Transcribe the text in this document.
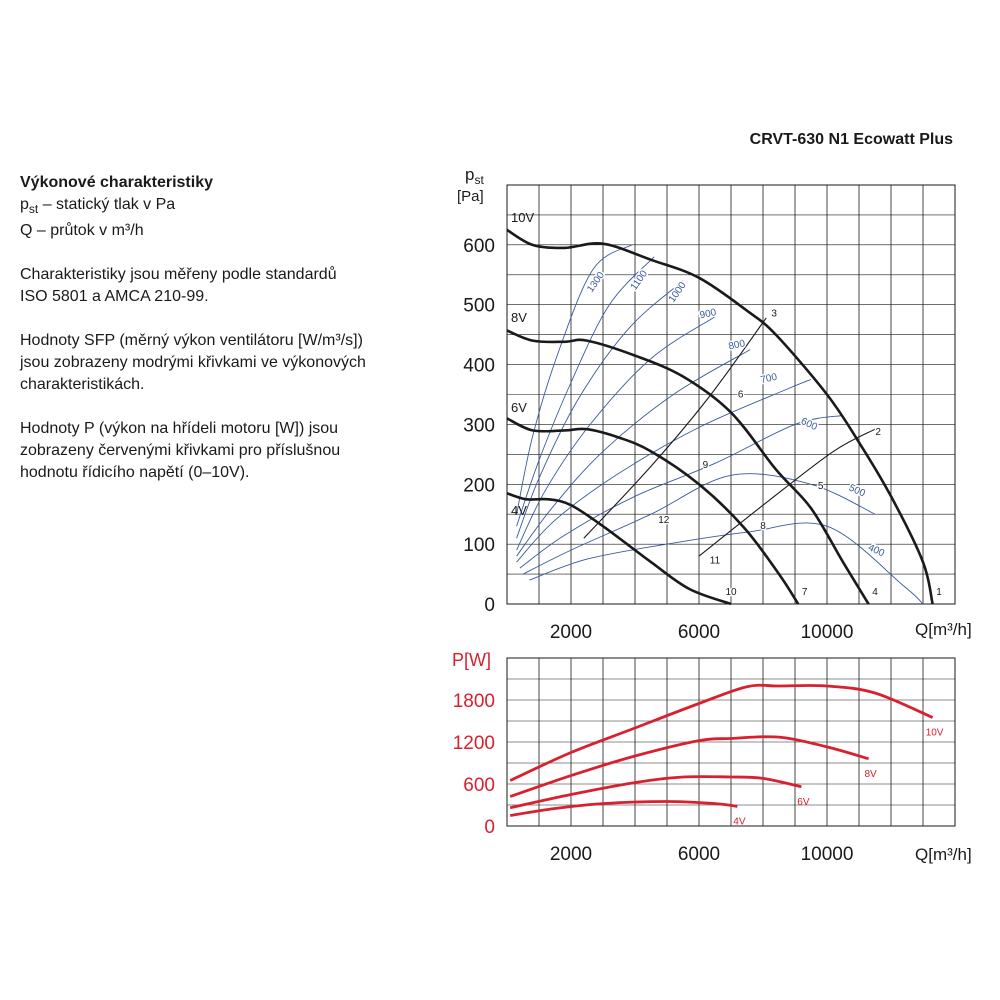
Výkonové charakteristiky
$p_{st}$ – statický tlak v Pa
Q – průtok v m³/h

Charakteristiky jsou měřeny podle standardů
ISO 5801 a AMCA 210-99.

Hodnoty SFP (měrný výkon ventilátoru [W/m³/s])
jsou zobrazeny modrými křivkami ve výkonových
charakteristikách.

Hodnoty P (výkon na hřídeli motoru [W]) jsou
zobrazeny červenými křivkami pro příslušnou
hodnotu řídicího napětí (0–10V).

CRVT-630 N1 Ecowatt Plus
1300 1100 1000
900
800
700
600
500
400
10V
8V
6V
4V
1
2
3
4
5
6
7
8
9
10
11
12
0
100
200
300
400
500
600
2000	6000	10000
$p_{st}$
[Pa]
Q[m³/h]
10V
8V
6V
4V
0
600
1200
1800
2000	6000	10000
P[W]
Q[m³/h]
